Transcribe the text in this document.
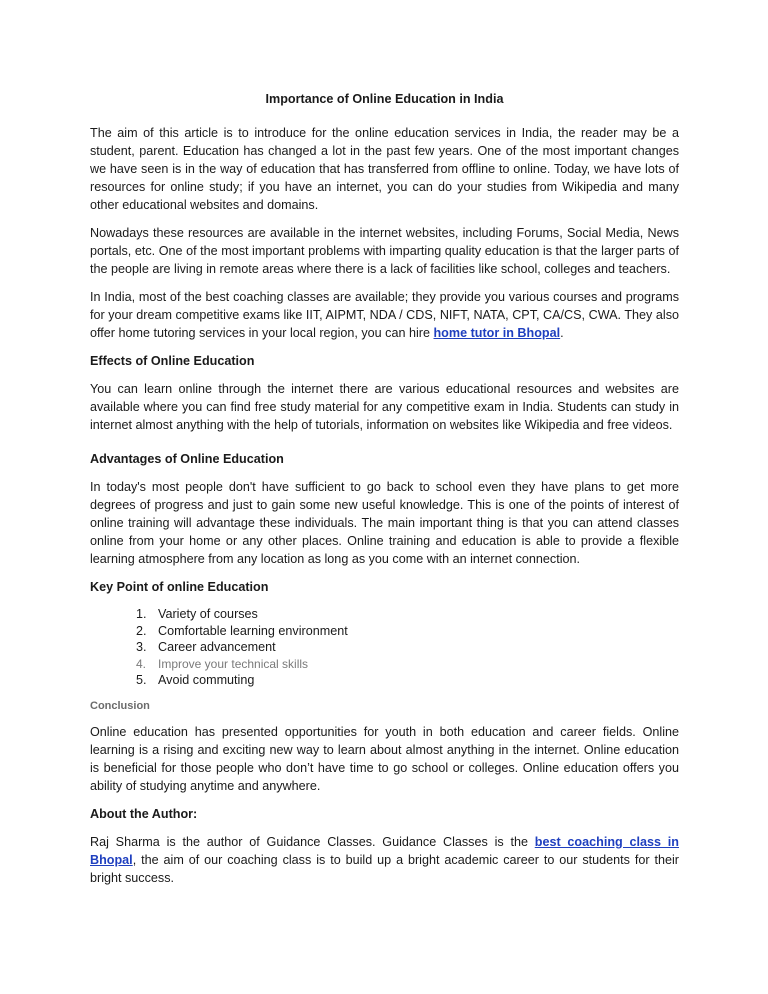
Importance of Online Education in India

The aim of this article is to introduce for the online education services in India, the reader may be a student, parent. Education has changed a lot in the past few years. One of the most important changes we have seen is in the way of education that has transferred from offline to online. Today, we have lots of resources for online study; if you have an internet, you can do your studies from Wikipedia and many other educational websites and domains.

Nowadays these resources are available in the internet websites, including Forums, Social Media, News portals, etc. One of the most important problems with imparting quality education is that the larger parts of the people are living in remote areas where there is a lack of facilities like school, colleges and teachers.

In India, most of the best coaching classes are available; they provide you various courses and programs for your dream competitive exams like IIT, AIPMT, NDA / CDS, NIFT, NATA, CPT, CA/CS, CWA. They also offer home tutoring services in your local region, you can hire home tutor in Bhopal.

Effects of Online Education

You can learn online through the internet there are various educational resources and websites are available where you can find free study material for any competitive exam in India. Students can study in internet almost anything with the help of tutorials, information on websites like Wikipedia and free videos.

Advantages of Online Education

In today's most people don't have sufficient to go back to school even they have plans to get more degrees of progress and just to gain some new useful knowledge. This is one of the points of interest of online training will advantage these individuals. The main important thing is that you can attend classes online from your home or any other places. Online training and education is able to provide a flexible learning atmosphere from any location as long as you come with an internet connection.

Key Point of online Education
1. Variety of courses
2. Comfortable learning environment
3. Career advancement
4. Improve your technical skills
5. Avoid commuting
Conclusion

Online education has presented opportunities for youth in both education and career fields. Online learning is a rising and exciting new way to learn about almost anything in the internet. Online education is beneficial for those people who don’t have time to go school or colleges. Online education offers you ability of studying anytime and anywhere.

About the Author:

Raj Sharma is the author of Guidance Classes. Guidance Classes is the best coaching class in Bhopal, the aim of our coaching class is to build up a bright academic career to our students for their bright success.
